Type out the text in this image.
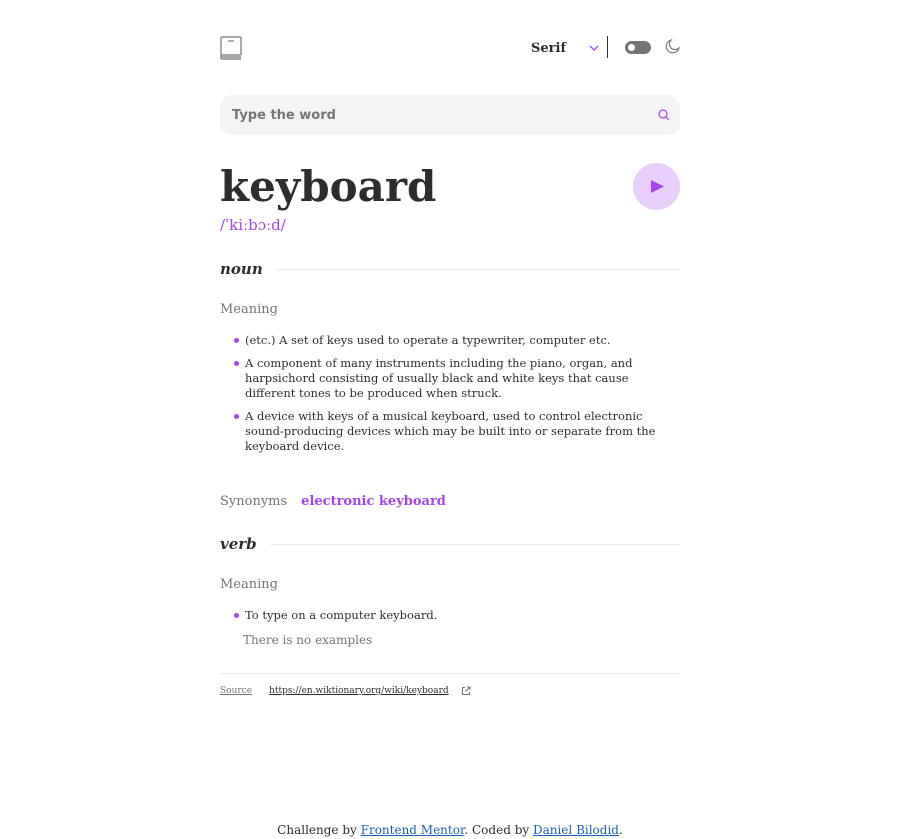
Serif
Type the word
keyboard
/ˈkiːbɔːd/
noun
Meaning
(etc.) A set of keys used to operate a typewriter, computer etc.
A component of many instruments including the piano, organ, and harpsichord consisting of usually black and white keys that cause different tones to be produced when struck.
A device with keys of a musical keyboard, used to control electronic sound-producing devices which may be built into or separate from the keyboard device.
Synonyms electronic keyboard
verb
Meaning
To type on a computer keyboard.
There is no examples
Source https://en.wiktionary.org/wiki/keyboard
Challenge by Frontend Mentor. Coded by Daniel Bilodid.
